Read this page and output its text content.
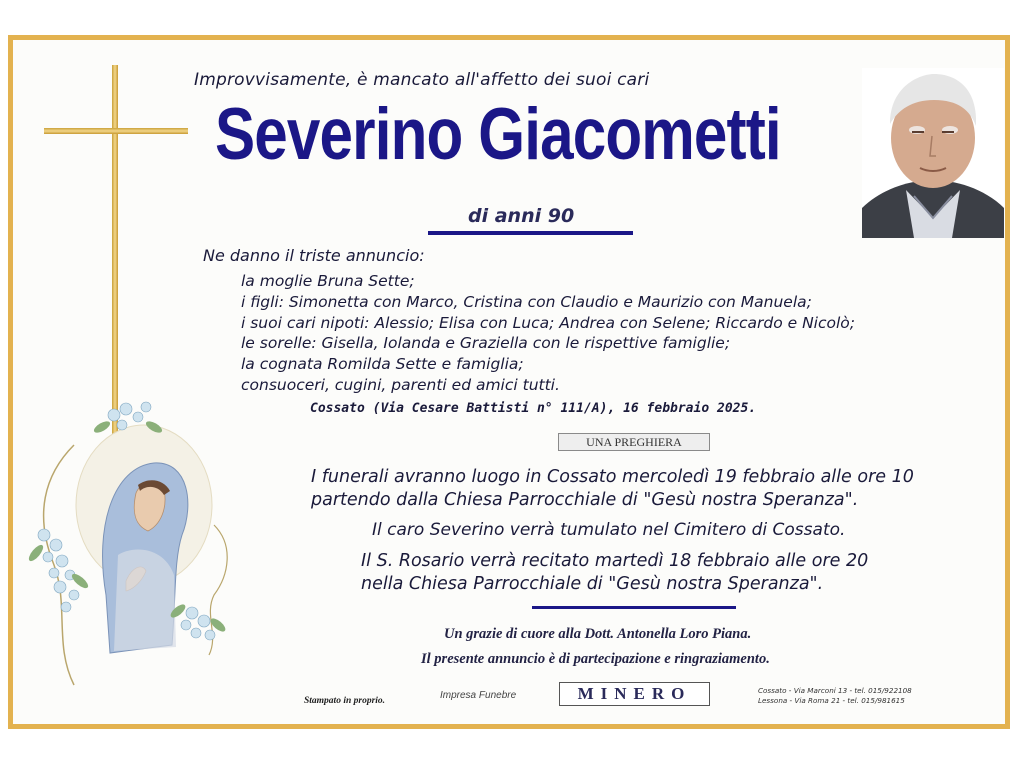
Improvvisamente, è mancato all'affetto dei suoi cari
Severino Giacometti
di anni 90
Ne danno il triste annuncio:
la moglie Bruna Sette;
i figli: Simonetta con Marco, Cristina con Claudio e Maurizio con Manuela;
i suoi cari nipoti: Alessio; Elisa con Luca; Andrea con Selene; Riccardo e Nicolò;
le sorelle: Gisella, Iolanda e Graziella con le rispettive famiglie;
la cognata Romilda Sette e famiglia;
consuoceri, cugini, parenti ed amici tutti.
Cossato (Via Cesare Battisti n° 111/A), 16 febbraio 2025.
UNA PREGHIERA
I funerali avranno luogo in Cossato mercoledì 19 febbraio alle ore 10
partendo dalla Chiesa Parrocchiale di "Gesù nostra Speranza".
Il caro Severino verrà tumulato nel Cimitero di Cossato.
Il S. Rosario verrà recitato martedì 18 febbraio alle ore 20
nella Chiesa Parrocchiale di "Gesù nostra Speranza".
Un grazie di cuore alla Dott. Antonella Loro Piana.
Il presente annuncio è di partecipazione e ringraziamento.
Stampato in proprio.	Impresa Funebre	MINERO	Cossato - Via Marconi 13 - tel. 015/922108
Lessona - Via Roma 21 - tel. 015/981615
